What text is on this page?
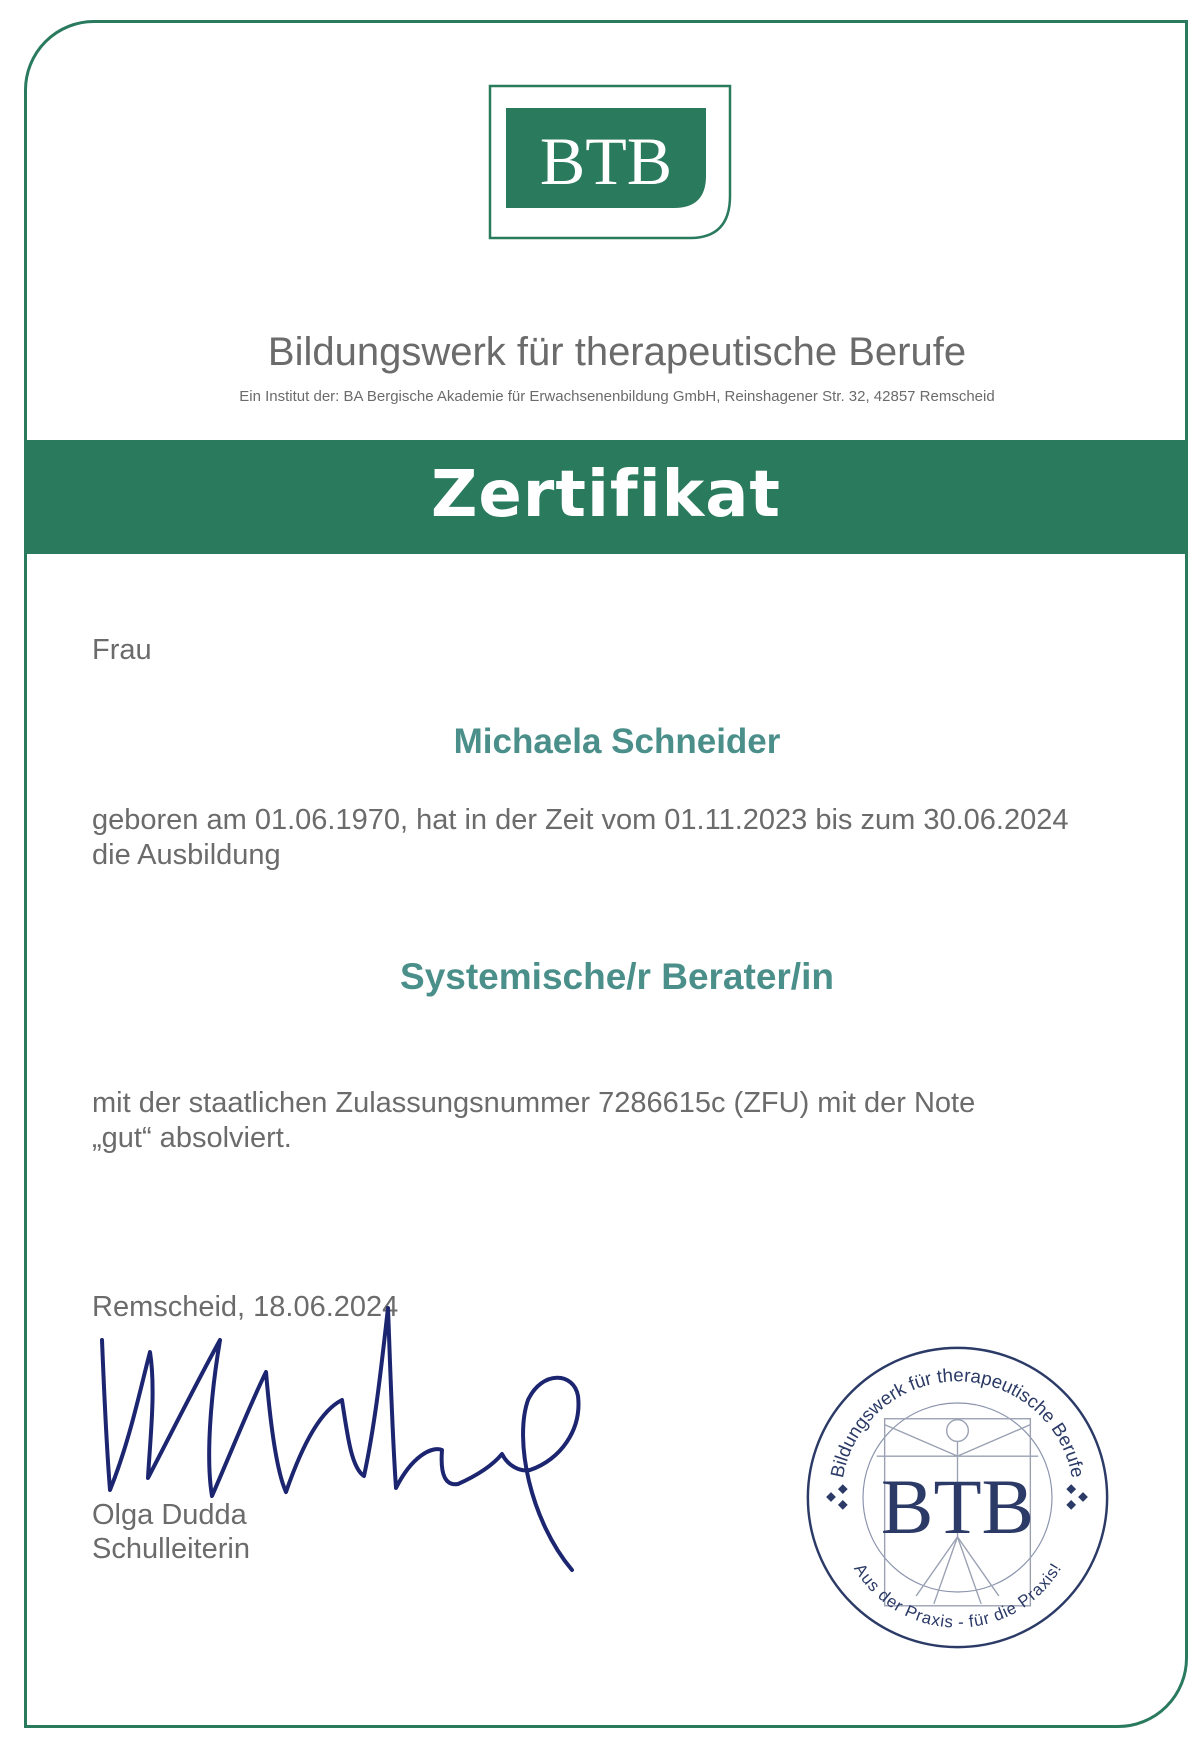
BTB
Bildungswerk für therapeutische Berufe
Ein Institut der: BA Bergische Akademie für Erwachsenenbildung GmbH, Reinshagener Str. 32, 42857 Remscheid
Zertifikat
Frau
Michaela Schneider
geboren am 01.06.1970, hat in der Zeit vom 01.11.2023 bis zum 30.06.2024
die Ausbildung
Systemische/r Berater/in
mit der staatlichen Zulassungsnummer 7286615c (ZFU) mit der Note
„gut“ absolviert.
Remscheid, 18.06.2024
Olga Dudda
Schulleiterin
Bildungswerk für therapeutische Berufe
Aus der Praxis - für die Praxis!
BTB
